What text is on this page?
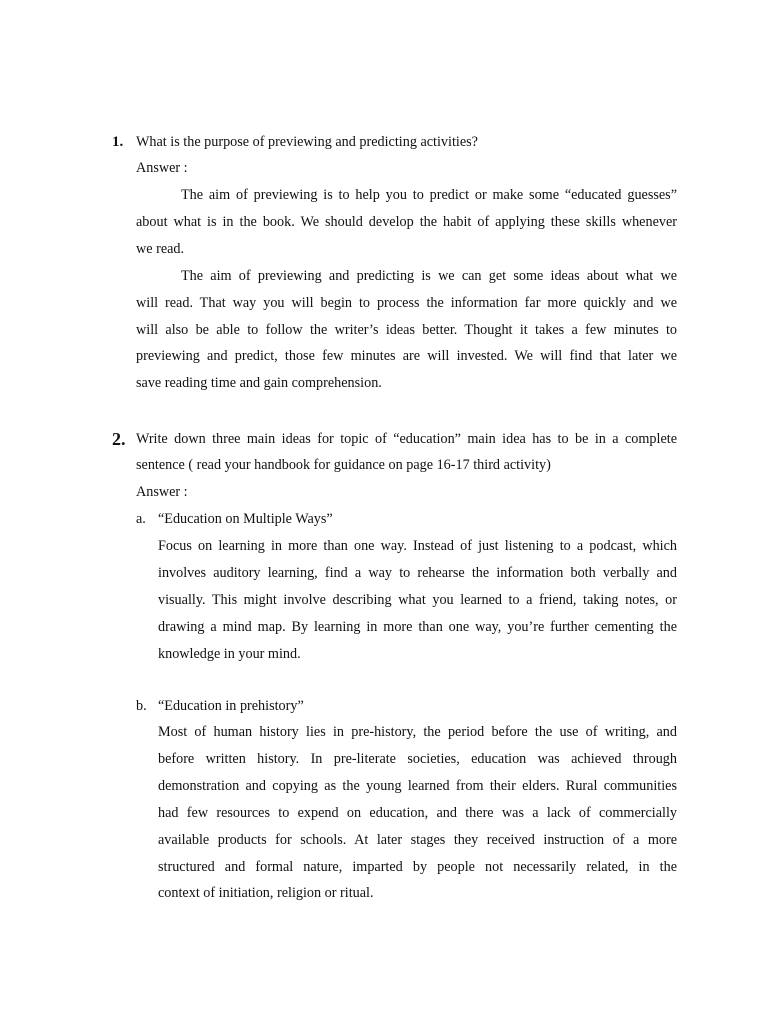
1. What is the purpose of previewing and predicting activities?
Answer :
The aim of previewing is to help you to predict or make some “educated guesses”
about what is in the book. We should develop the habit of applying these skills whenever
we read.
The aim of previewing and predicting is we can get some ideas about what we
will read. That way you will begin to process the information far more quickly and we
will also be able to follow the writer’s ideas better. Thought it takes a few minutes to
previewing and predict, those few minutes are will invested. We will find that later we
save reading time and gain comprehension.
2. Write down three main ideas for topic of “education” main idea has to be in a complete
sentence ( read your handbook for guidance on page 16-17 third activity)
Answer :
a. “Education on Multiple Ways”
Focus on learning in more than one way. Instead of just listening to a podcast, which
involves auditory learning, find a way to rehearse the information both verbally and
visually. This might involve describing what you learned to a friend, taking notes, or
drawing a mind map. By learning in more than one way, you’re further cementing the
knowledge in your mind.
b. “Education in prehistory”
Most of human history lies in pre-history, the period before the use of writing, and
before written history. In pre-literate societies, education was achieved through
demonstration and copying as the young learned from their elders. Rural communities
had few resources to expend on education, and there was a lack of commercially
available products for schools. At later stages they received instruction of a more
structured and formal nature, imparted by people not necessarily related, in the
context of initiation, religion or ritual.
